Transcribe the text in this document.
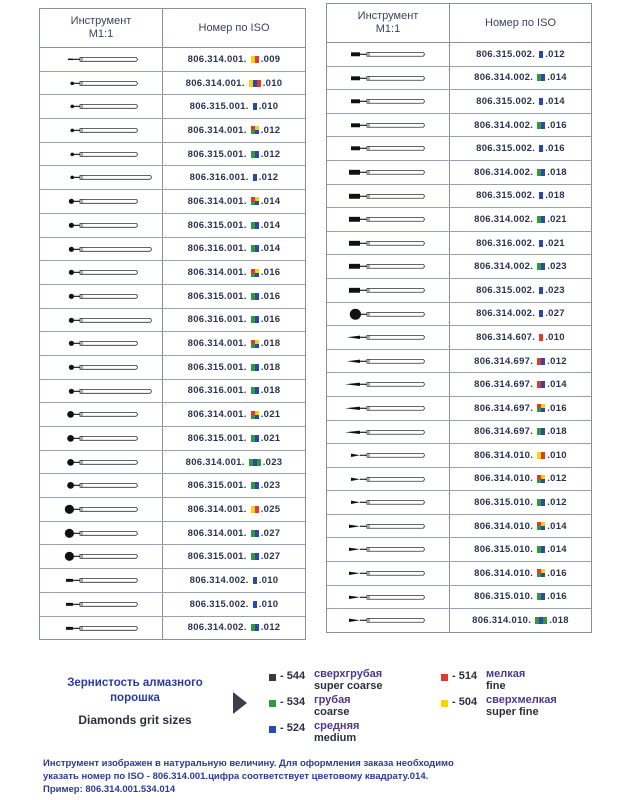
Инструмент
M1:1
Номер по ISO
806.314.001. .009
806.314.001. .010
806.315.001. .010
806.314.001. .012
806.315.001. .012
806.316.001. .012
806.314.001. .014
806.315.001. .014
806.316.001. .014
806.314.001. .016
806.315.001. .016
806.316.001. .016
806.314.001. .018
806.315.001. .018
806.316.001. .018
806.314.001. .021
806.315.001. .021
806.314.001. .023
806.315.001. .023
806.314.001. .025
806.314.001. .027
806.315.001. .027
806.314.002. .010
806.315.002. .010
806.314.002. .012
Инструмент
M1:1
Номер по ISO
806.315.002. .012
806.314.002. .014
806.315.002. .014
806.314.002. .016
806.315.002. .016
806.314.002. .018
806.315.002. .018
806.314.002. .021
806.316.002. .021
806.314.002. .023
806.315.002. .023
806.314.002. .027
806.314.607. .010
806.314.697. .012
806.314.697. .014
806.314.697. .016
806.314.697. .018
806.314.010. .010
806.314.010. .012
806.315.010. .012
806.314.010. .014
806.315.010. .014
806.314.010. .016
806.315.010. .016
806.314.010. .018
Зернистость алмазного порошка
Diamonds grit sizes
- 544 сверхгрубая
super coarse
- 534 грубая
coarse
- 524 средняя
medium
- 514 мелкая
fine
- 504 сверхмелкая
super fine
Инструмент изображен в натуральную величину. Для оформления заказа необходимо
указать номер по ISO - 806.314.001.цифра соответствует цветовому квадрату.014.
Пример: 806.314.001.534.014
